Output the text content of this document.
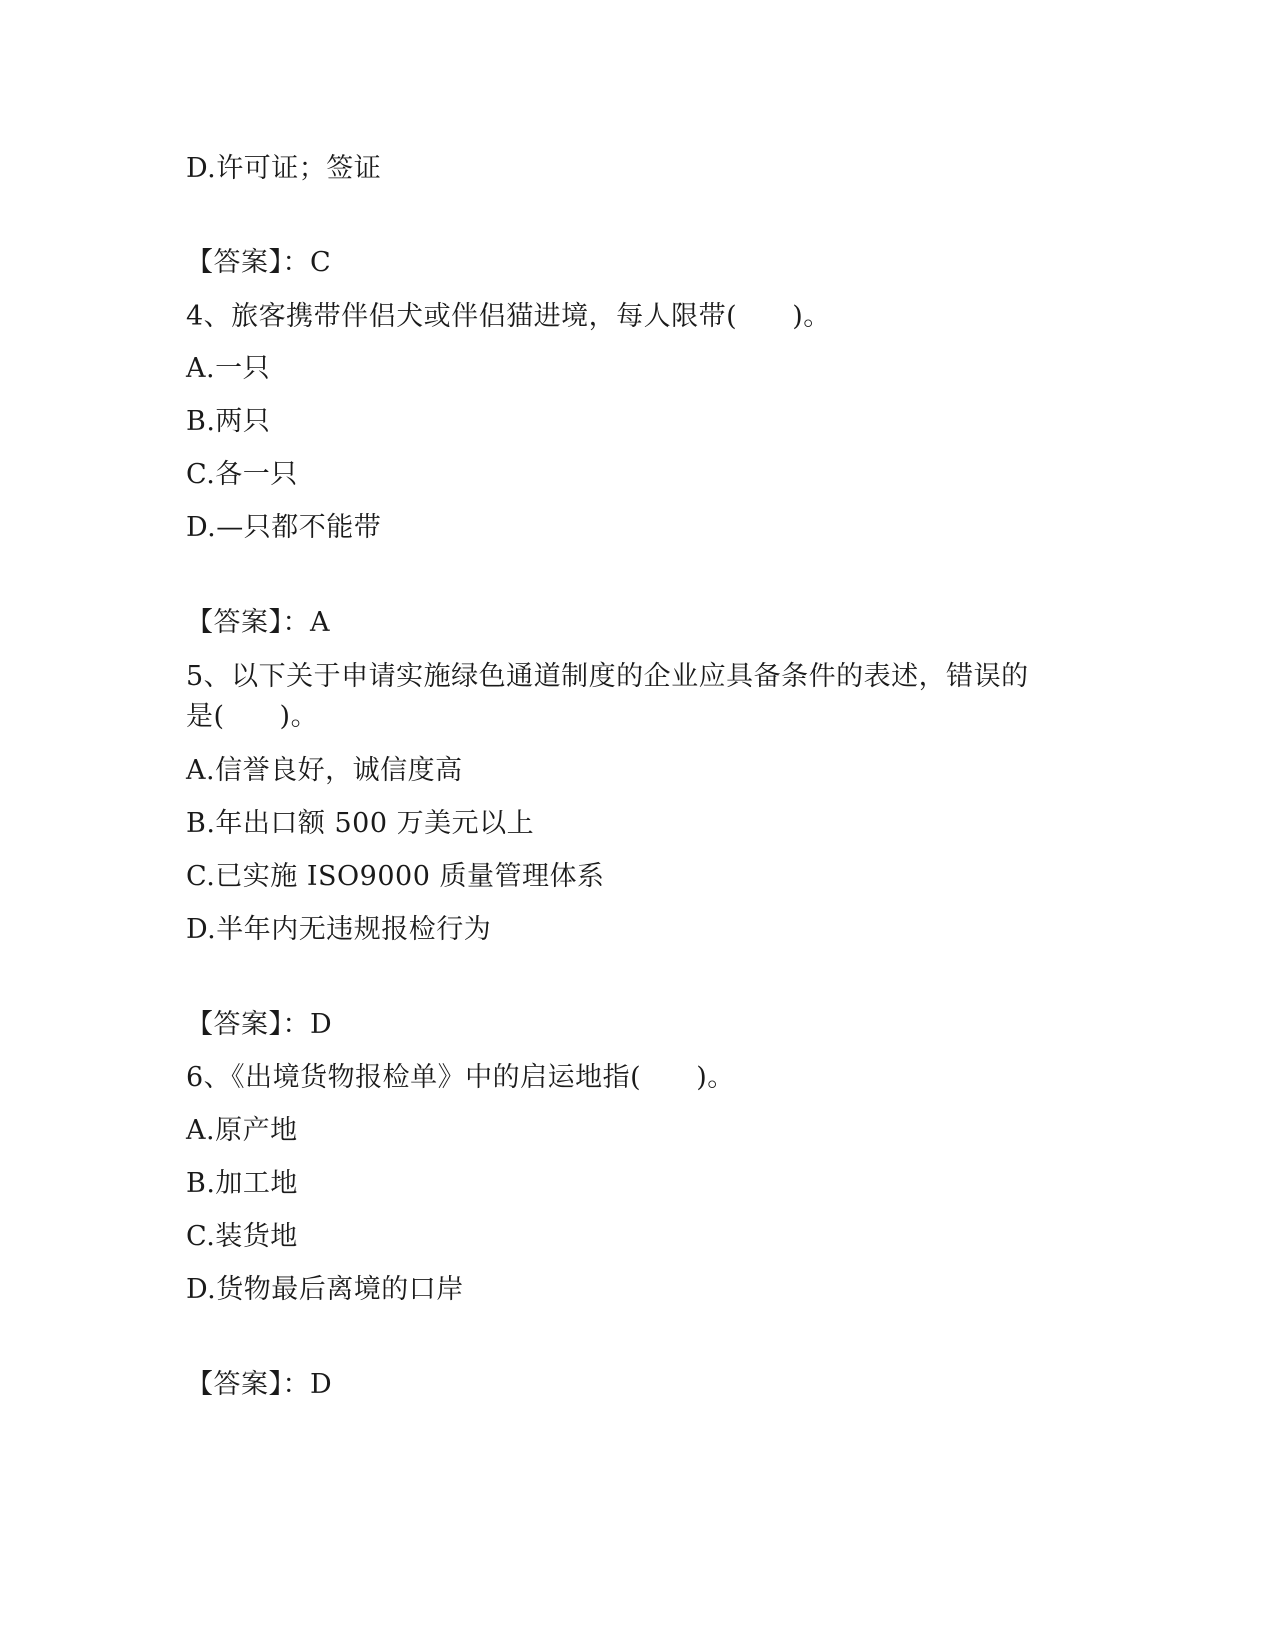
D.许可证；签证
【答案】：C
4、旅客携带伴侣犬或伴侣猫进境，每人限带(　　)。
A.一只
B.两只
C.各一只
D.—只都不能带
【答案】：A
5、以下关于申请实施绿色通道制度的企业应具备条件的表述，错误的
是(　　)。
A.信誉良好，诚信度高
B.年出口额 500 万美元以上
C.已实施 ISO9000 质量管理体系
D.半年内无违规报检行为
【答案】：D
6、《出境货物报检单》中的启运地指(　　)。
A.原产地
B.加工地
C.装货地
D.货物最后离境的口岸
【答案】：D
